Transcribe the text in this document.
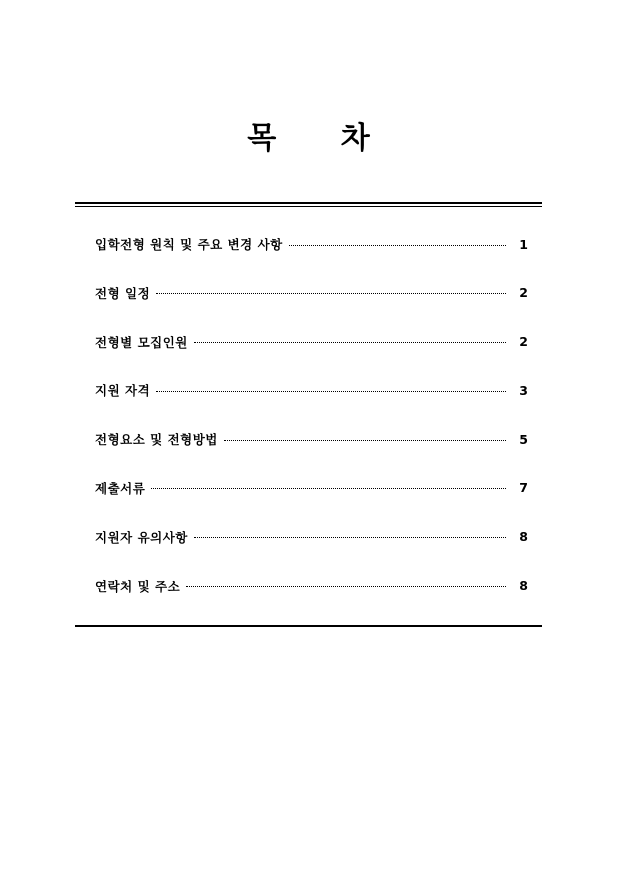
목 차
입학전형 원칙 및 주요 변경 사항	1
전형 일정	2
전형별 모집인원	2
지원 자격	3
전형요소 및 전형방법	5
제출서류	7
지원자 유의사항	8
연락처 및 주소	8
